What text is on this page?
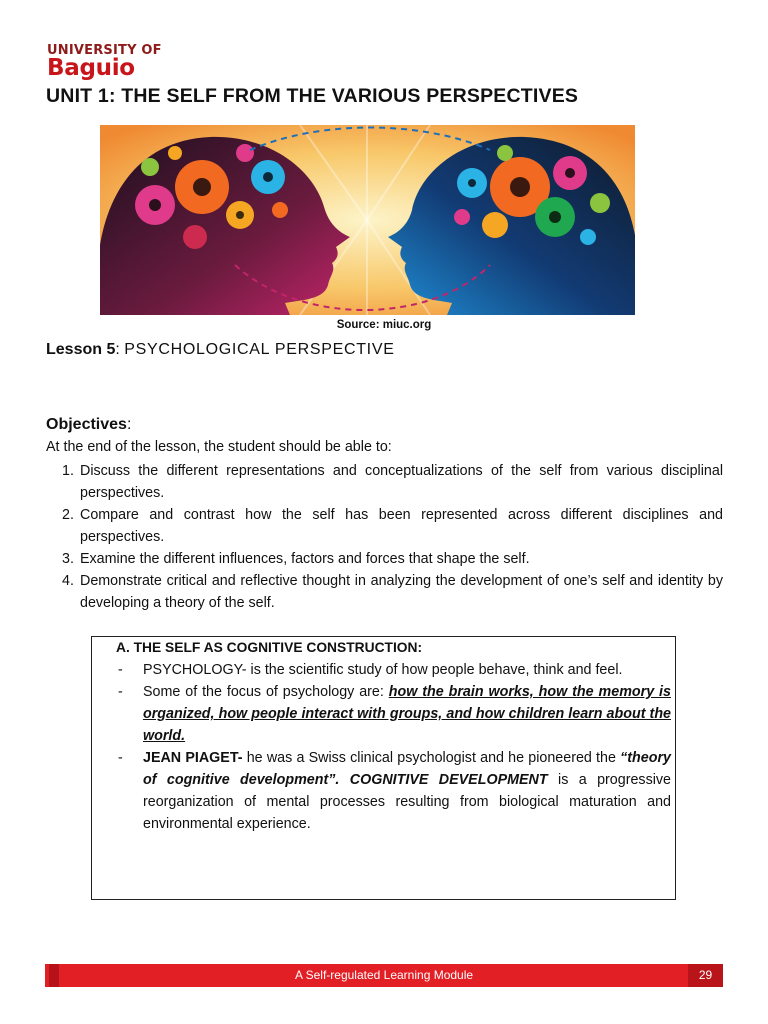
UNIVERSITY OF
Baguio
UNIT 1: THE SELF FROM THE VARIOUS PERSPECTIVES
Source: miuc.org
Lesson 5: PSYCHOLOGICAL PERSPECTIVE
Objectives:
At the end of the lesson, the student should be able to:
1. Discuss the different representations and conceptualizations of the self from various disciplinal perspectives.
2. Compare and contrast how the self has been represented across different disciplines and perspectives.
3. Examine the different influences, factors and forces that shape the self.
4. Demonstrate critical and reflective thought in analyzing the development of one’s self and identity by developing a theory of the self.
A. THE SELF AS COGNITIVE CONSTRUCTION:
- PSYCHOLOGY- is the scientific study of how people behave, think and feel.
- Some of the focus of psychology are: how the brain works, how the memory is organized, how people interact with groups, and how children learn about the world.
- JEAN PIAGET- he was a Swiss clinical psychologist and he pioneered the “theory of cognitive development”. COGNITIVE DEVELOPMENT is a progressive reorganization of mental processes resulting from biological maturation and environmental experience.
A Self-regulated Learning Module	29
